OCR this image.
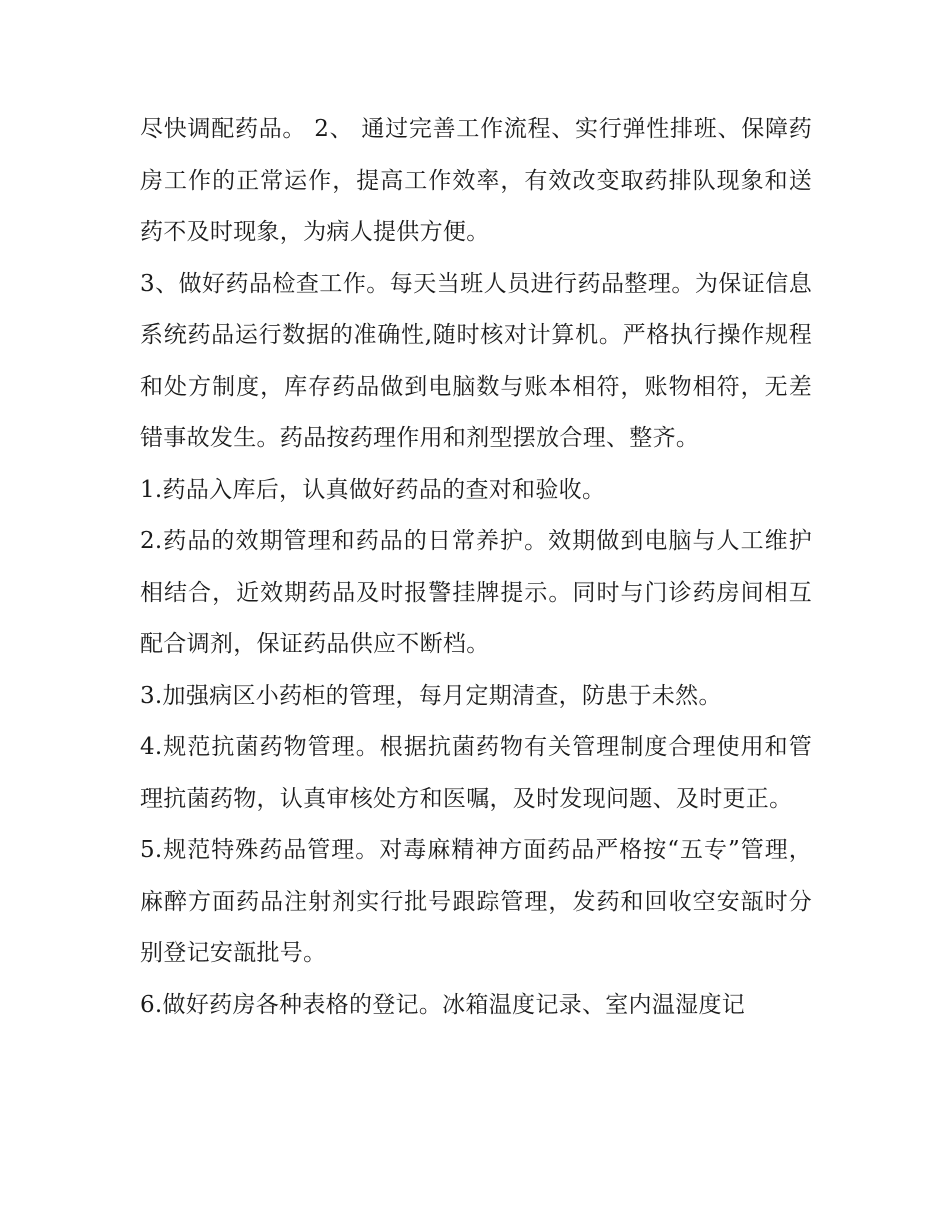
尽快调配药品。 2、 通过完善工作流程、实行弹性排班、保障药房工作的正常运作，提高工作效率，有效改变取药排队现象和送药不及时现象，为病人提供方便。

3、做好药品检查工作。每天当班人员进行药品整理。为保证信息系统药品运行数据的准确性,随时核对计算机。严格执行操作规程和处方制度，库存药品做到电脑数与账本相符，账物相符，无差错事故发生。药品按药理作用和剂型摆放合理、整齐。

1.药品入库后，认真做好药品的查对和验收。

2.药品的效期管理和药品的日常养护。效期做到电脑与人工维护相结合，近效期药品及时报警挂牌提示。同时与门诊药房间相互配合调剂，保证药品供应不断档。

3.加强病区小药柜的管理，每月定期清查，防患于未然。

4.规范抗菌药物管理。根据抗菌药物有关管理制度合理使用和管理抗菌药物，认真审核处方和医嘱，及时发现问题、及时更正。

5.规范特殊药品管理。对毒麻精神方面药品严格按“五专”管理，麻醉方面药品注射剂实行批号跟踪管理，发药和回收空安瓿时分别登记安瓿批号。

6.做好药房各种表格的登记。冰箱温度记录、室内温湿度记
